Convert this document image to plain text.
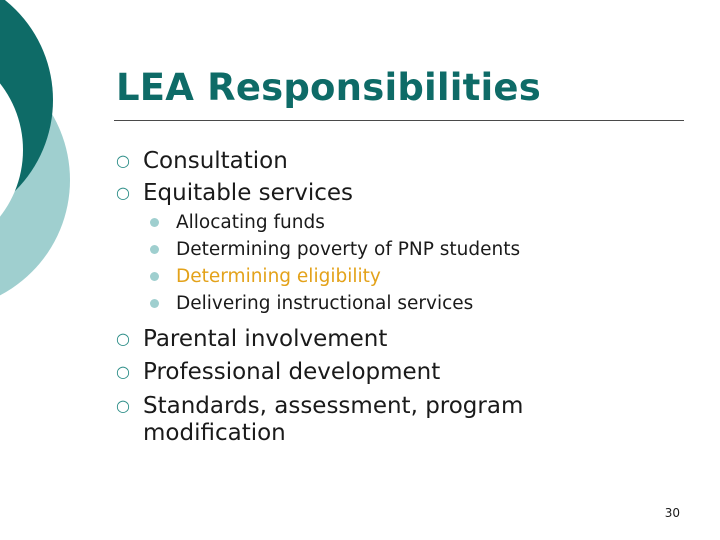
LEA Responsibilities
○ Consultation
○ Equitable services
Allocating funds
Determining poverty of PNP students
Determining eligibility
Delivering instructional services
○ Parental involvement
○ Professional development
○ Standards, assessment, program
modification
30
